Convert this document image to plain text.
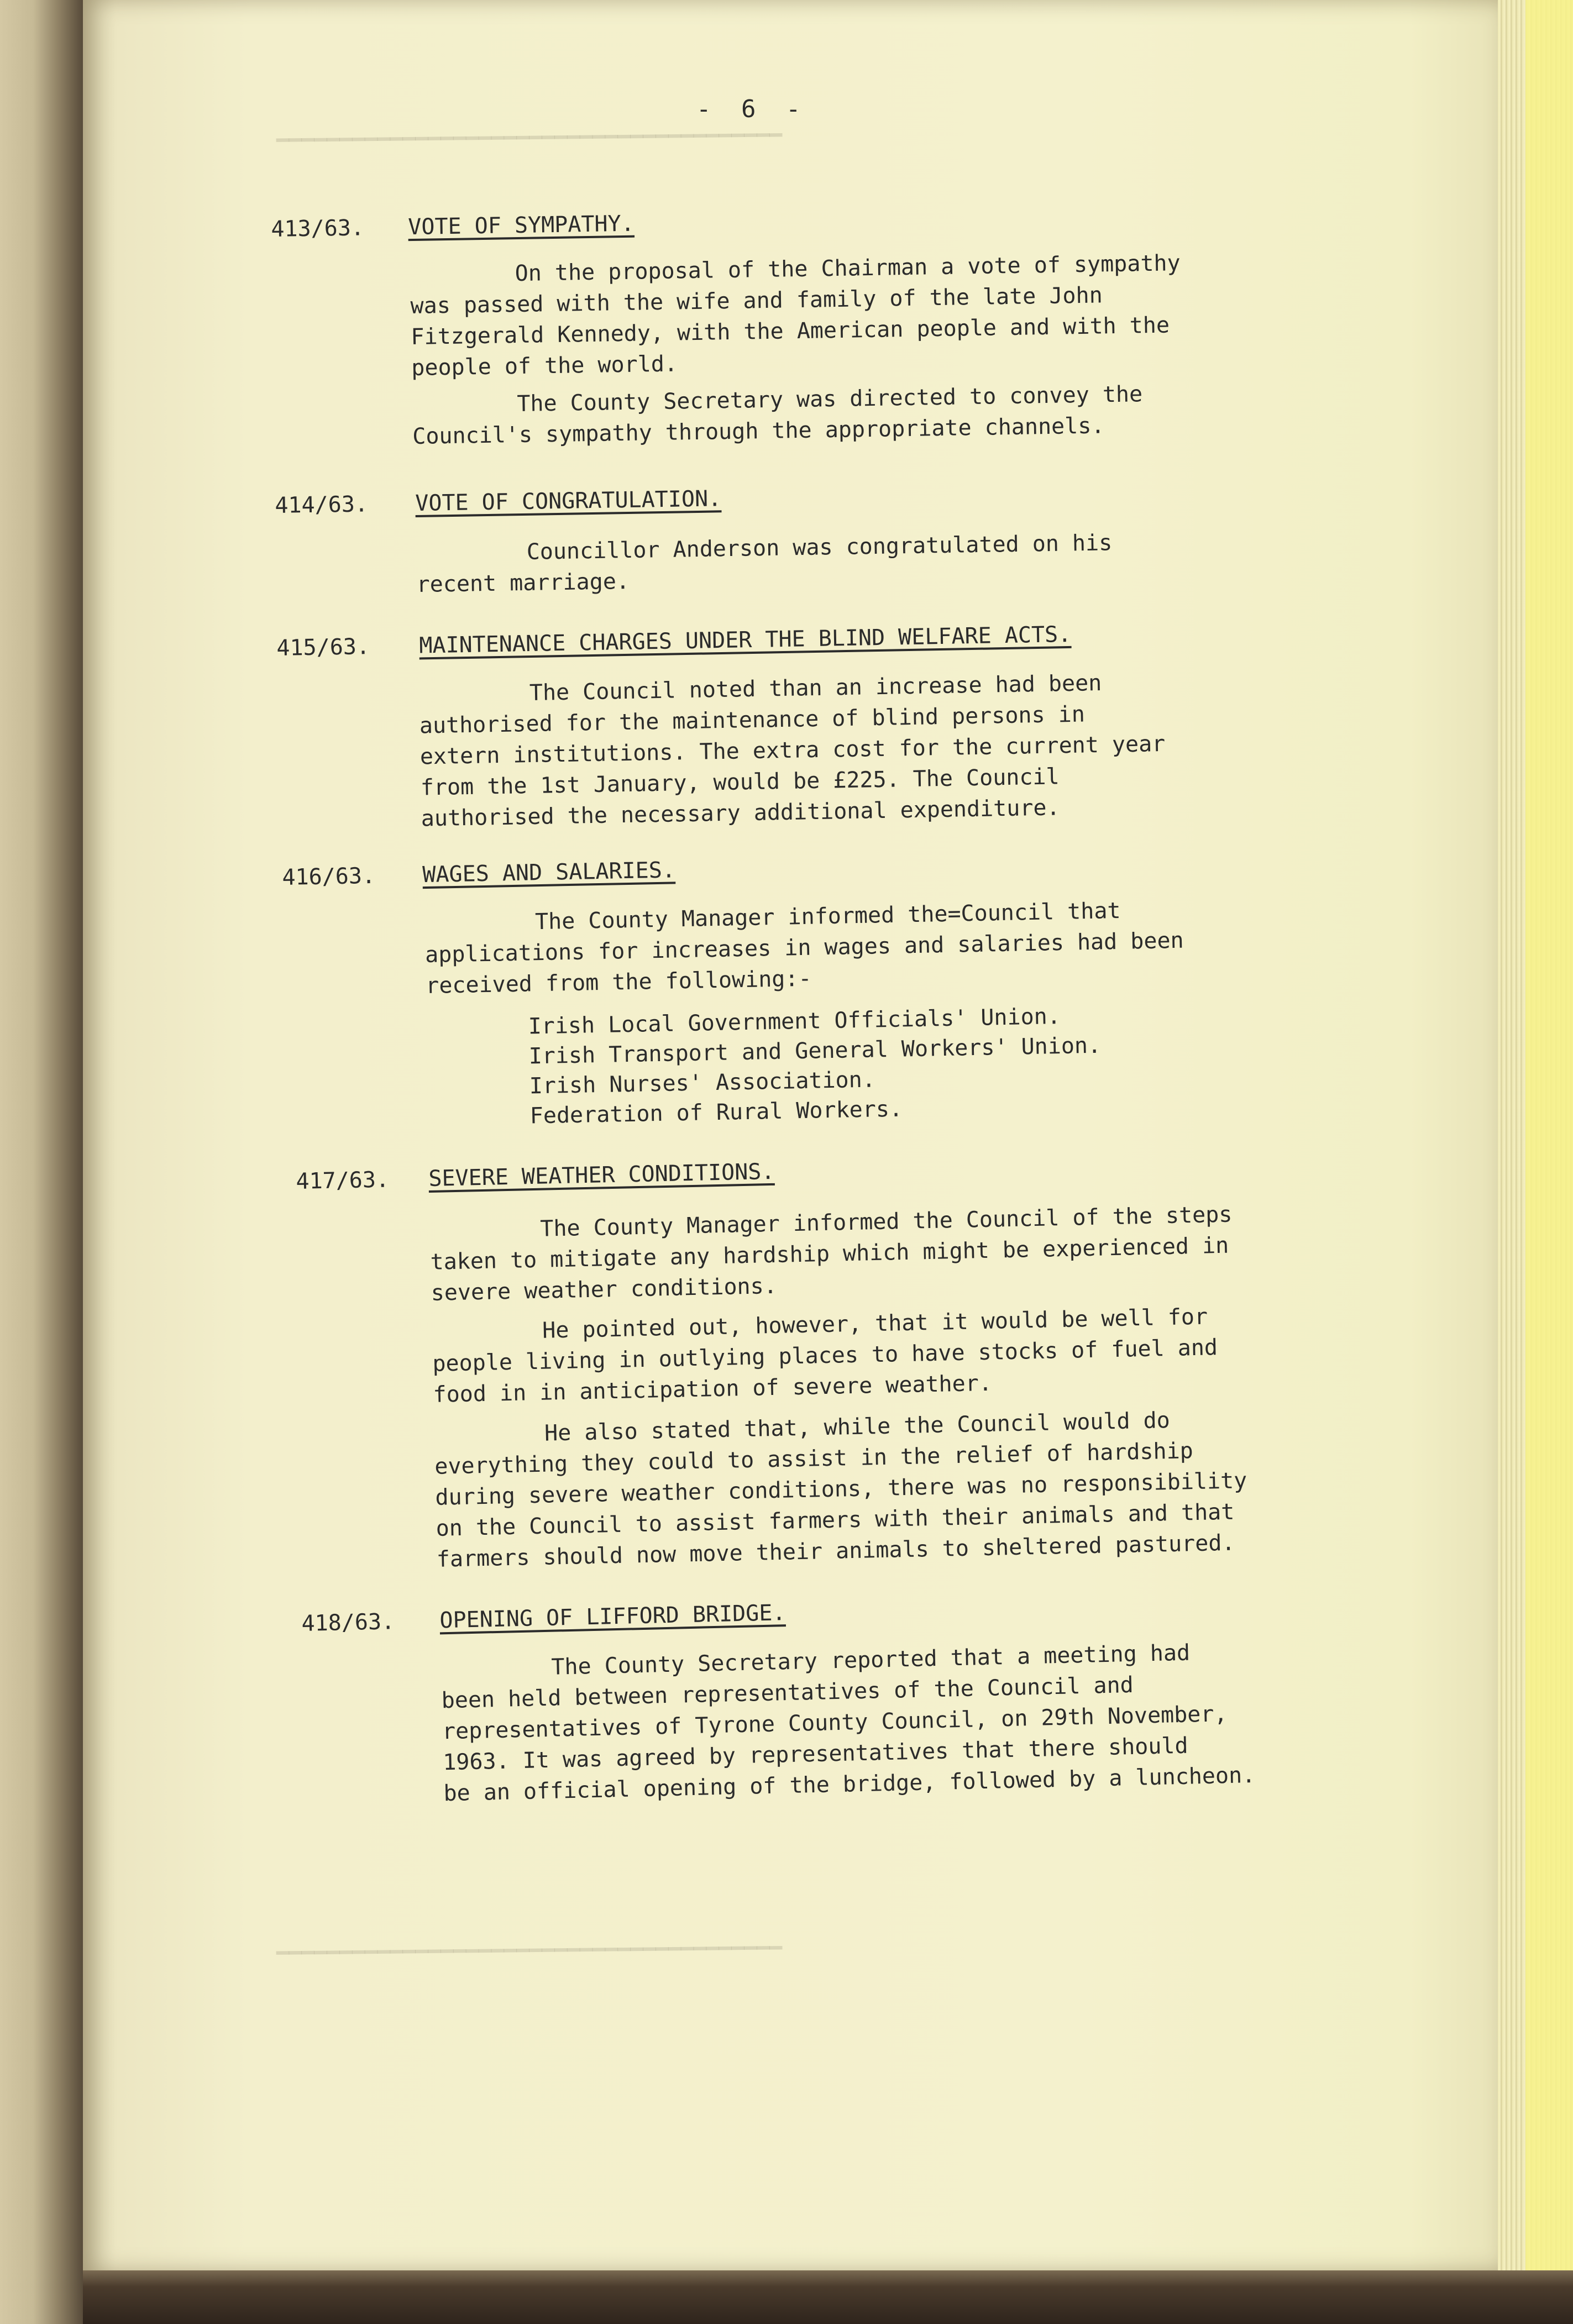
━━━━━━━━━━━━━━━━━━━━━━━━━━━━━━━━━━━━━━━━
━━━━━━━━━━━━━━━━━━━━━━━━━━━━━━━━━━━━━━━━
- 6 -
413/63. VOTE OF SYMPATHY.
On the proposal of the Chairman a vote of sympathy
was passed with the wife and family of the late John
Fitzgerald Kennedy, with the American people and with the
people of the world.
The County Secretary was directed to convey the
Council's sympathy through the appropriate channels.
414/63. VOTE OF CONGRATULATION.
Councillor Anderson was congratulated on his
recent marriage.
415/63. MAINTENANCE CHARGES UNDER THE BLIND WELFARE ACTS.
The Council noted than an increase had been
authorised for the maintenance of blind persons in
extern institutions. The extra cost for the current year
from the 1st January, would be £225. The Council
authorised the necessary additional expenditure.
416/63. WAGES AND SALARIES.
The County Manager informed the=Council that
applications for increases in wages and salaries had been
received from the following:-
Irish Local Government Officials' Union.
Irish Transport and General Workers' Union.
Irish Nurses' Association.
Federation of Rural Workers.
417/63. SEVERE WEATHER CONDITIONS.
The County Manager informed the Council of the steps
taken to mitigate any hardship which might be experienced in
severe weather conditions.
He pointed out, however, that it would be well for
people living in outlying places to have stocks of fuel and
food in in anticipation of severe weather.
He also stated that, while the Council would do
everything they could to assist in the relief of hardship
during severe weather conditions, there was no responsibility
on the Council to assist farmers with their animals and that
farmers should now move their animals to sheltered pastured.
418/63. OPENING OF LIFFORD BRIDGE.
The County Secretary reported that a meeting had
been held between representatives of the Council and
representatives of Tyrone County Council, on 29th November,
1963. It was agreed by representatives that there should
be an official opening of the bridge, followed by a luncheon.
